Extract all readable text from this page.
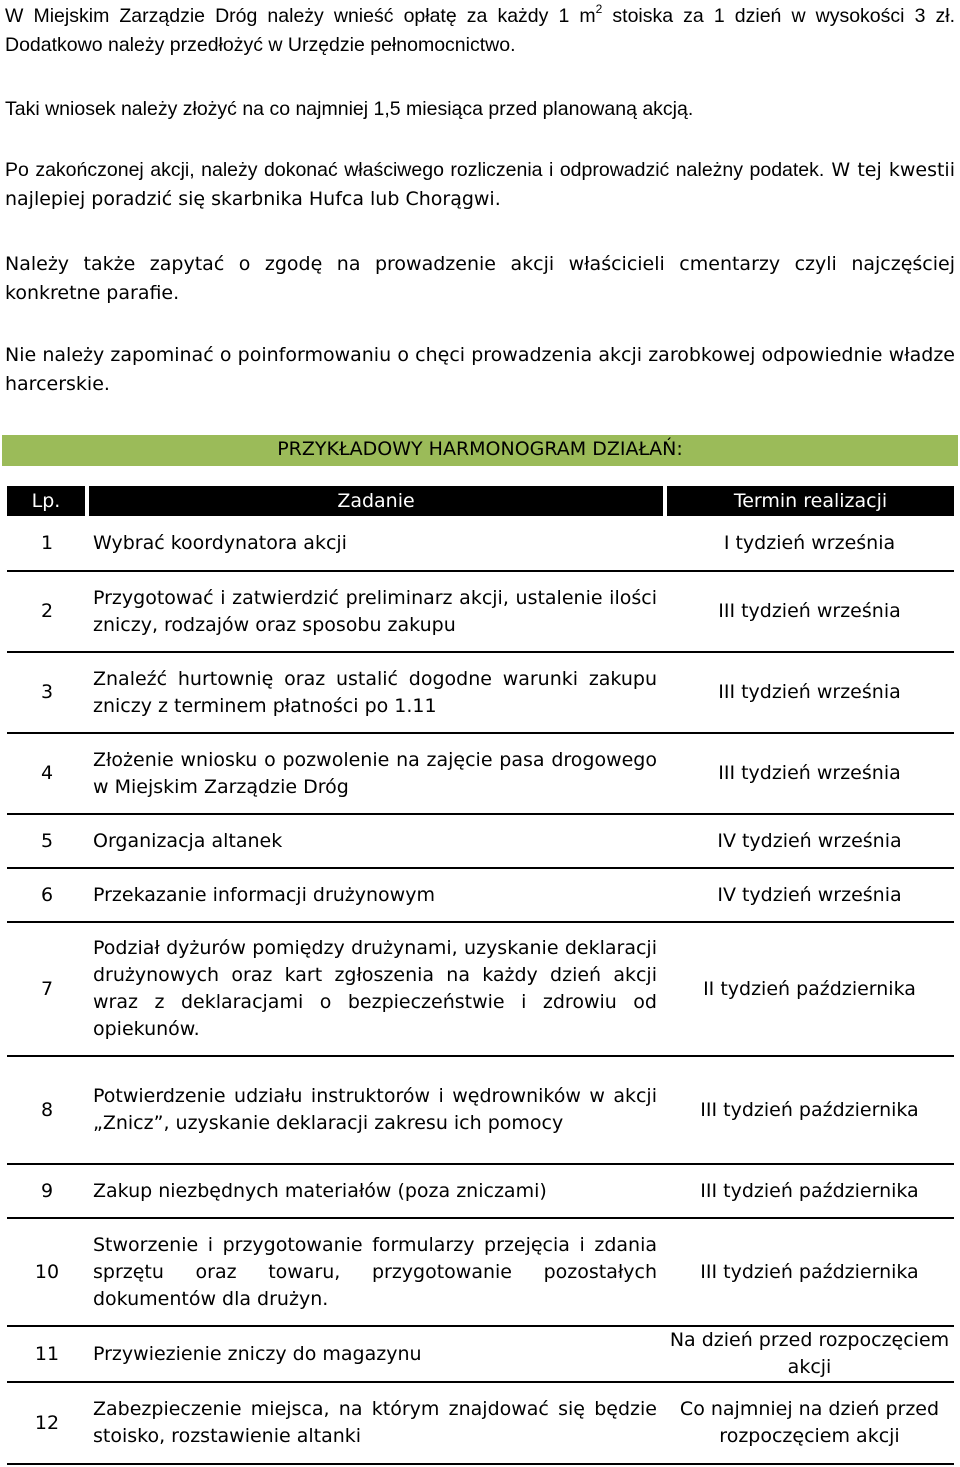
W Miejskim Zarządzie Dróg należy wnieść opłatę za każdy 1 $m^2$ stoiska za 1 dzień w wysokości 3 zł. Dodatkowo należy przedłożyć w Urzędzie pełnomocnictwo.
Taki wniosek należy złożyć na co najmniej 1,5 miesiąca przed planowaną akcją.
Po zakończonej akcji, należy dokonać właściwego rozliczenia i odprowadzić należny podatek. W tej kwestii najlepiej poradzić się skarbnika Hufca lub Chorągwi.
Należy także zapytać o zgodę na prowadzenie akcji właścicieli cmentarzy czyli najczęściej konkretne parafie.
Nie należy zapominać o poinformowaniu o chęci prowadzenia akcji zarobkowej odpowiednie władze harcerskie.
PRZYKŁADOWY HARMONOGRAM DZIAŁAŃ:
Lp.	Zadanie	Termin realizacji
1	Wybrać koordynatora akcji	I tydzień września
2	Przygotować i zatwierdzić preliminarz akcji, ustalenie ilości zniczy, rodzajów oraz sposobu zakupu	III tydzień września
3	Znaleźć hurtownię oraz ustalić dogodne warunki zakupu zniczy z terminem płatności po 1.11	III tydzień września
4	Złożenie wniosku o pozwolenie na zajęcie pasa drogowego w Miejskim Zarządzie Dróg	III tydzień września
5	Organizacja altanek	IV tydzień września
6	Przekazanie informacji drużynowym	IV tydzień września
7	Podział dyżurów pomiędzy drużynami, uzyskanie deklaracji drużynowych oraz kart zgłoszenia na każdy dzień akcji wraz z deklaracjami o bezpieczeństwie i zdrowiu od opiekunów.	II tydzień października
8	Potwierdzenie udziału instruktorów i wędrowników w akcji „Znicz”, uzyskanie deklaracji zakresu ich pomocy	III tydzień października
9	Zakup niezbędnych materiałów (poza zniczami)	III tydzień października
10	Stworzenie i przygotowanie formularzy przejęcia i zdania sprzętu oraz towaru, przygotowanie pozostałych dokumentów dla drużyn.	III tydzień października
11	Przywiezienie zniczy do magazynu	Na dzień przed rozpoczęciem akcji
12	Zabezpieczenie miejsca, na którym znajdować się będzie stoisko, rozstawienie altanki	Co najmniej na dzień przed rozpoczęciem akcji
